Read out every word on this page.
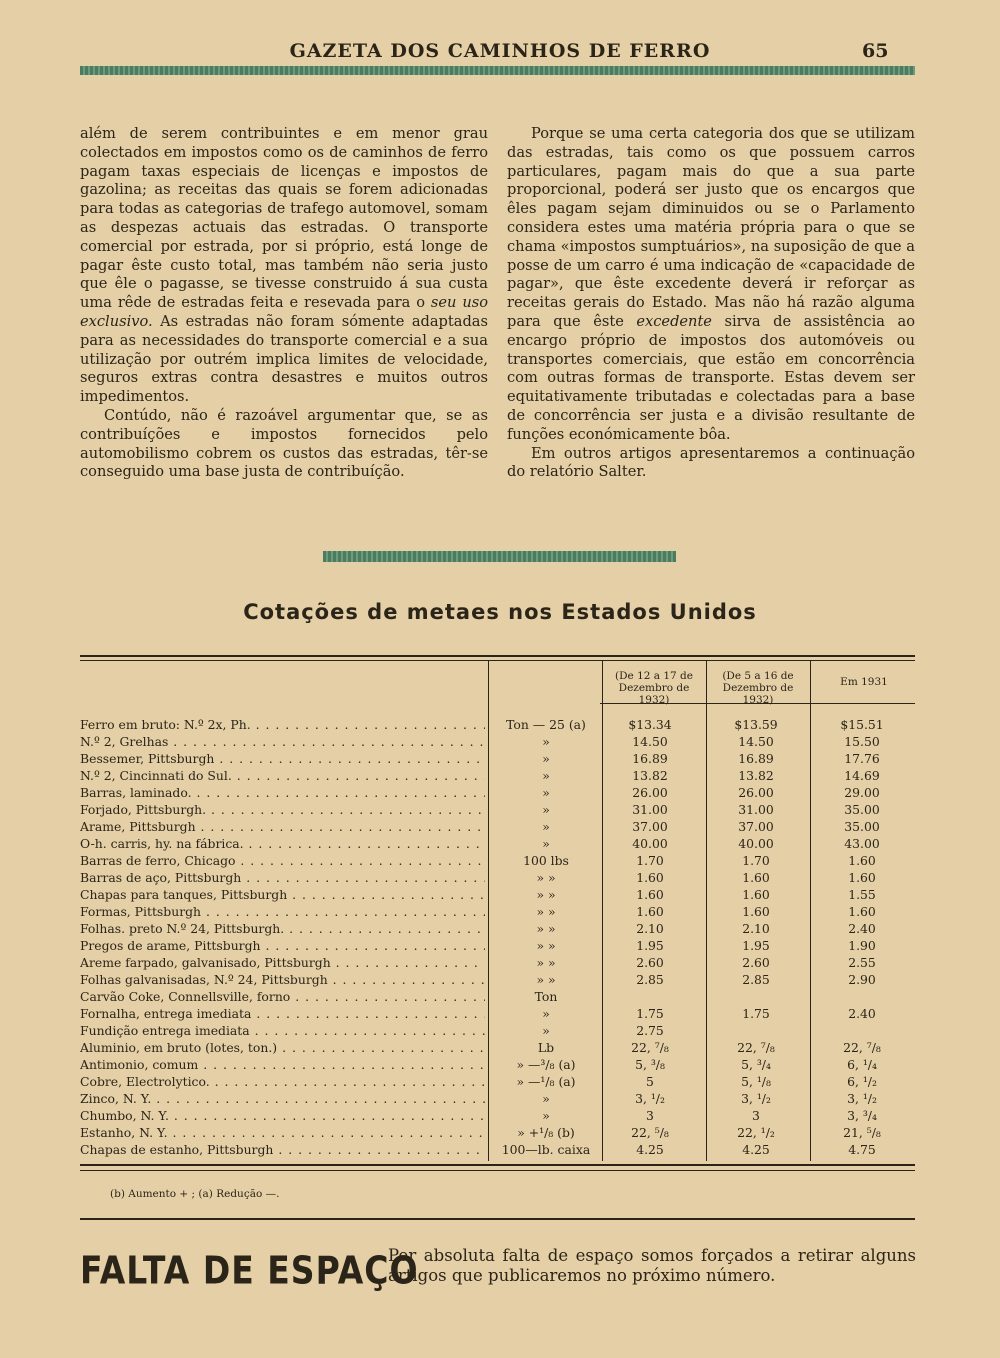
GAZETA DOS CAMINHOS DE FERRO	65

além de serem contribuintes e em menor grau colectados em impostos como os de caminhos de ferro pagam taxas especiais de licenças e impostos de gazolina; as receitas das quais se forem adicionadas para todas as categorias de trafego automovel, somam as despezas actuais das estradas. O transporte comercial por estrada, por si próprio, está longe de pagar êste custo total, mas também não seria justo que êle o pagasse, se tivesse construido á sua custa uma rêde de estradas feita e resevada para o seu uso exclusivo. As estradas não foram sómente adaptadas para as necessidades do transporte comercial e a sua utilização por outrém implica limites de velocidade, seguros extras contra desastres e muitos outros impedimentos.

Contúdo, não é razoável argumentar que, se as contribuíções e impostos fornecidos pelo automobilismo cobrem os custos das estradas, têr-se conseguido uma base justa de contribuíção.

Porque se uma certa categoria dos que se utilizam das estradas, tais como os que possuem carros particulares, pagam mais do que a sua parte proporcional, poderá ser justo que os encargos que êles pagam sejam diminuidos ou se o Parlamento considera estes uma matéria própria para o que se chama «impostos sumptuários», na suposição de que a posse de um carro é uma indicação de «capacidade de pagar», que êste excedente deverá ir reforçar as receitas gerais do Estado. Mas não há razão alguma para que êste excedente sirva de assistência ao encargo próprio de impostos dos automóveis ou transportes comerciais, que estão em concorrência com outras formas de transporte. Estas devem ser equitativamente tributadas e colectadas para a base de concorrência ser justa e a divisão resultante de funções económicamente bôa.

Em outros artigos apresentaremos a continuação do relatório Salter.

Cotações de metaes nos Estados Unidos
(De 12 a 17 de Dezembro de 1932)
(De 5 a 16 de Dezembro de 1932)
Em 1931
Ferro em bruto: N.º 2x, Ph. . . .	Ton — 25 (a)	$13.34	$13.59	$15.51
N.º 2, Grelhas . . .	»	14.50	14.50	15.50
Bessemer, Pittsburgh . . .	»	16.89	16.89	17.76
N.º 2, Cincinnati do Sul. . . .	»	13.82	13.82	14.69
Barras, laminado. . . .	»	26.00	26.00	29.00
Forjado, Pittsburgh. . . .	»	31.00	31.00	35.00
Arame, Pittsburgh . . .	»	37.00	37.00	35.00
O-h. carris, hy. na fábrica. . . .	»	40.00	40.00	43.00
Barras de ferro, Chicago . . .	100 lbs	1.70	1.70	1.60
Barras de aço, Pittsburgh . . .	» »	1.60	1.60	1.60
Chapas para tanques, Pittsburgh . . .	» »	1.60	1.60	1.55
Formas, Pittsburgh . . .	» »	1.60	1.60	1.60
Folhas. preto N.º 24, Pittsburgh. . . .	» »	2.10	2.10	2.40
Pregos de arame, Pittsburgh . . .	» »	1.95	1.95	1.90
Areme farpado, galvanisado, Pittsburgh . . .	» »	2.60	2.60	2.55
Folhas galvanisadas, N.º 24, Pittsburgh . . .	» »	2.85	2.85	2.90
Carvão Coke, Connellsville, forno . . .	Ton
Fornalha, entrega imediata . . .	»	1.75	1.75	2.40
Fundição entrega imediata . . .	»	2.75
Aluminio, em bruto (lotes, ton.) . . .	Lb	22, ⁷/₈	22, ⁷/₈	22, ⁷/₈
Antimonio, comum . . .	» —³/₈ (a)	5, ³/₈	5, ³/₄	6, ¹/₄
Cobre, Electrolytico. . . .	» —¹/₈ (a)	5	5, ¹/₈	6, ¹/₂
Zinco, N. Y. . . .	»	3, ¹/₂	3, ¹/₂	3, ¹/₂
Chumbo, N. Y. . . .	»	3	3	3, ³/₄
Estanho, N. Y. . . .	» +¹/₈ (b)	22, ⁵/₈	22, ¹/₂	21, ⁵/₈
Chapas de estanho, Pittsburgh . . .	100—lb. caixa	4.25	4.25	4.75
(b) Aumento + ; (a) Redução —.
FALTA DE ESPAÇO
Por absoluta falta de espaço somos forçados a retirar alguns artigos que publicaremos no próximo número.
